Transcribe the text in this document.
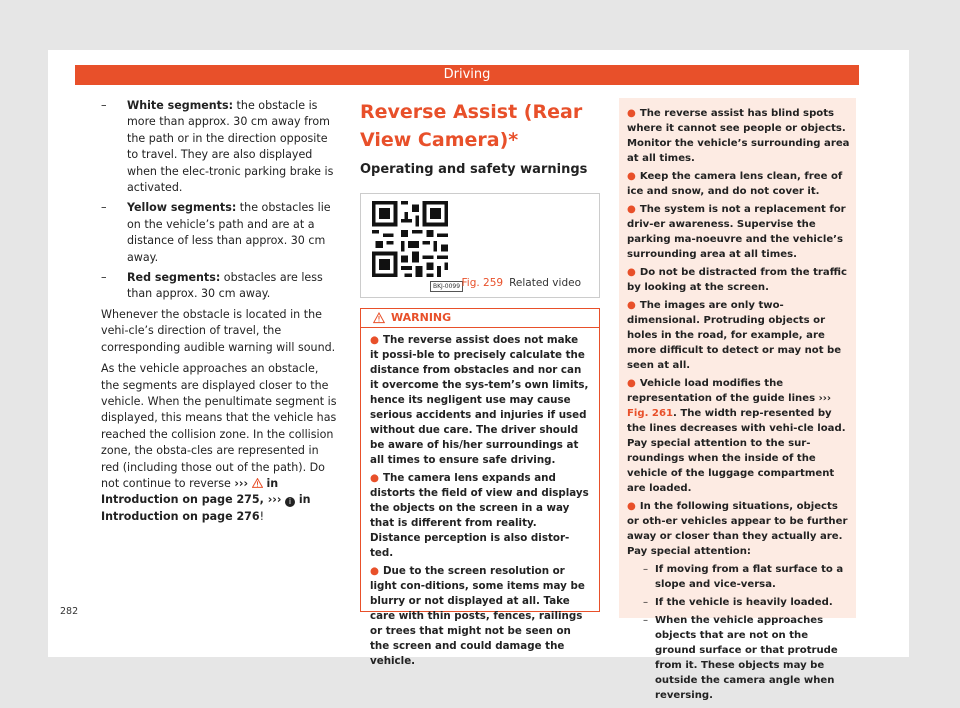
Driving
– White segments: the obstacle is more than approx. 30 cm away from the path or in the direction opposite to travel. They are also displayed when the elec-tronic parking brake is activated.
– Yellow segments: the obstacles lie on the vehicle’s path and are at a distance of less than approx. 30 cm away.
– Red segments: obstacles are less than approx. 30 cm away.

Whenever the obstacle is located in the vehi-cle’s direction of travel, the corresponding audible warning will sound.

As the vehicle approaches an obstacle, the segments are displayed closer to the vehicle. When the penultimate segment is displayed, this means that the vehicle has reached the collision zone. In the collision zone, the obsta-cles are represented in red (including those out of the path). Do not continue to reverse ›››  in Introduction on page 275, ››› i in Introduction on page 276!

Reverse Assist (Rear View Camera)*
Operating and safety warnings
BKJ-0099 Fig. 259 Related video
WARNING

● The reverse assist does not make it possi-ble to precisely calculate the distance from obstacles and nor can it overcome the sys-tem’s own limits, hence its negligent use may cause serious accidents and injuries if used without due care. The driver should be aware of his/her surroundings at all times to ensure safe driving.

● The camera lens expands and distorts the field of view and displays the objects on the screen in a way that is different from reality. Distance perception is also distor-ted.

● Due to the screen resolution or light con-ditions, some items may be blurry or not displayed at all. Take care with thin posts, fences, railings or trees that might not be seen on the screen and could damage the vehicle.

● The reverse assist has blind spots where it cannot see people or objects. Monitor the vehicle’s surrounding area at all times.

● Keep the camera lens clean, free of ice and snow, and do not cover it.

● The system is not a replacement for driv-er awareness. Supervise the parking ma-noeuvre and the vehicle’s surrounding area at all times.

● Do not be distracted from the traffic by looking at the screen.

● The images are only two-dimensional. Protruding objects or holes in the road, for example, are more difficult to detect or may not be seen at all.

● Vehicle load modifies the representation of the guide lines ››› Fig. 261. The width rep-resented by the lines decreases with vehi-cle load. Pay special attention to the sur-roundings when the inside of the vehicle of the luggage compartment are loaded.

● In the following situations, objects or oth-er vehicles appear to be further away or closer than they actually are. Pay special attention:

– If moving from a flat surface to a slope and vice-versa.
– If the vehicle is heavily loaded.
– When the vehicle approaches objects that are not on the ground surface or that protrude from it. These objects may be outside the camera angle when reversing.
282
